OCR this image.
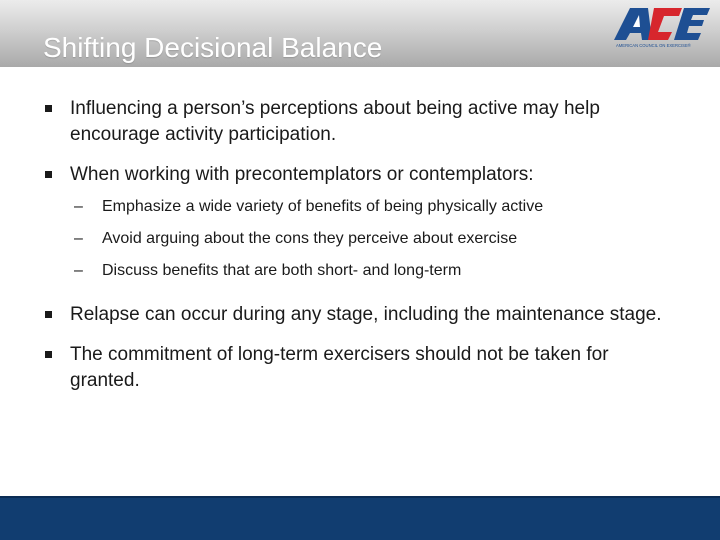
Shifting Decisional Balance	AMERICAN COUNCIL ON EXERCISE®
Influencing a person’s perceptions about being active may help encourage activity participation.
When working with precontemplators or contemplators:
– Emphasize a wide variety of benefits of being physically active
– Avoid arguing about the cons they perceive about exercise
– Discuss benefits that are both short- and long-term
Relapse can occur during any stage, including the maintenance stage.
The commitment of long-term exercisers should not be taken for granted.
